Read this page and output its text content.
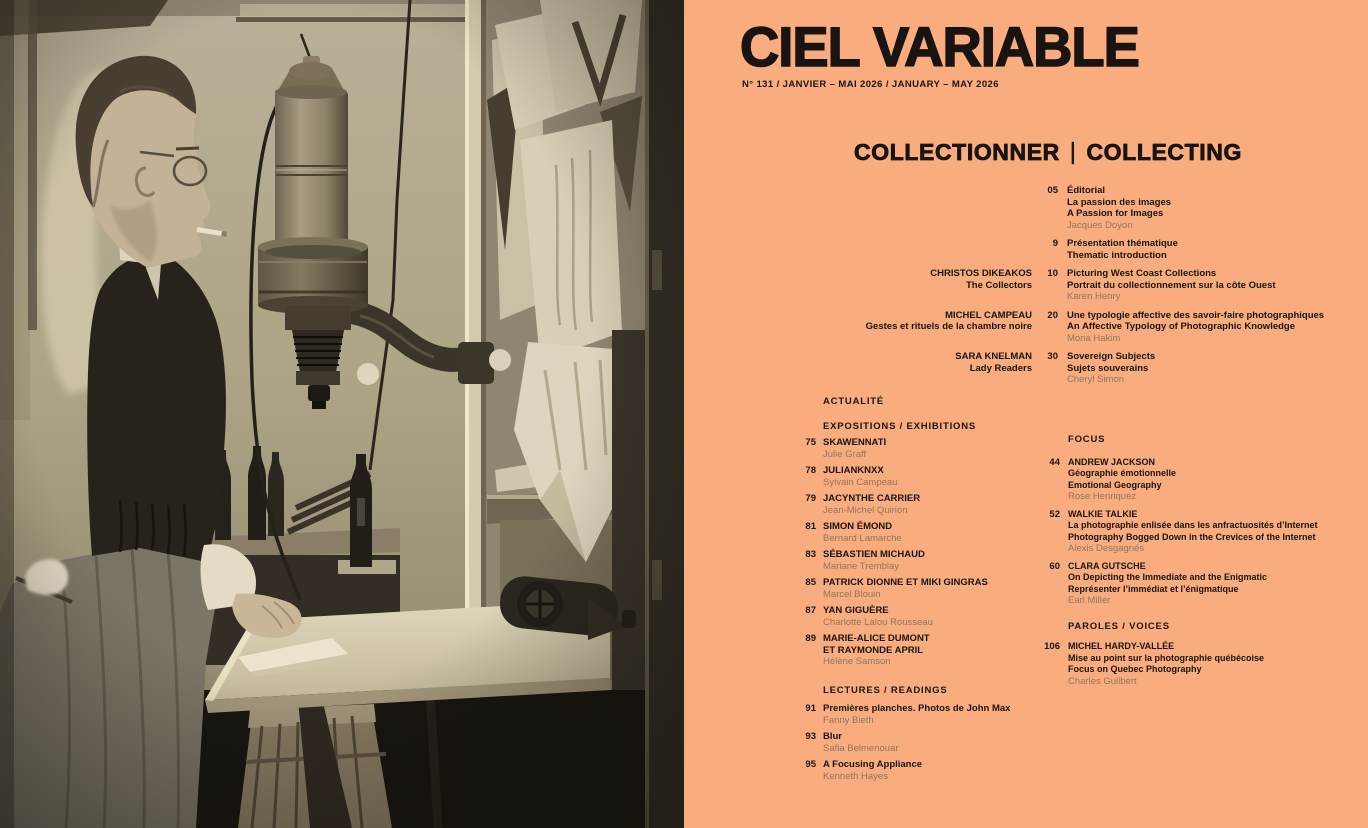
CIEL VARIABLE
N° 131 / JANVIER – MAI 2026 / JANUARY – MAY 2026
COLLECTIONNER | COLLECTING
05 Éditorial
La passion des images
A Passion for Images
Jacques Doyon
9 Présentation thématique
Thematic introduction
CHRISTOS DIKEAKOS
The Collectors
10 Picturing West Coast Collections
Portrait du collectionnement sur la côte Ouest
Karen Henry
MICHEL CAMPEAU
Gestes et rituels de la chambre noire
20 Une typologie affective des savoir-faire photographiques
An Affective Typology of Photographic Knowledge
Mona Hakim
SARA KNELMAN
Lady Readers
30 Sovereign Subjects
Sujets souverains
Cheryl Simon
ACTUALITÉ
EXPOSITIONS / EXHIBITIONS
75 SKAWENNATI
Julie Graff
78 JULIANKNXX
Sylvain Campeau
79 JACYNTHE CARRIER
Jean-Michel Quirion
81 SIMON ÉMOND
Bernard Lamarche
83 SÉBASTIEN MICHAUD
Mariane Tremblay
85 PATRICK DIONNE ET MIKI GINGRAS
Marcel Blouin
87 YAN GIGUÈRE
Charlotte Lalou Rousseau
89 MARIE-ALICE DUMONT
ET RAYMONDE APRIL
Hélène Samson
LECTURES / READINGS
91 Premières planches. Photos de John Max
Fanny Bieth
93 Blur
Safia Belmenouar
95 A Focusing Appliance
Kenneth Hayes
FOCUS
44 ANDREW JACKSON
Géographie émotionnelle
Emotional Geography
Rose Henriquez
52 WALKIE TALKIE
La photographie enlisée dans les anfractuosités d’Internet
Photography Bogged Down in the Crevices of the Internet
Alexis Desgagnés
60 CLARA GUTSCHE
On Depicting the Immediate and the Enigmatic
Représenter l’immédiat et l’énigmatique
Earl Miller
PAROLES / VOICES
106 MICHEL HARDY-VALLÉE
Mise au point sur la photographie québécoise
Focus on Quebec Photography
Charles Guilbert
